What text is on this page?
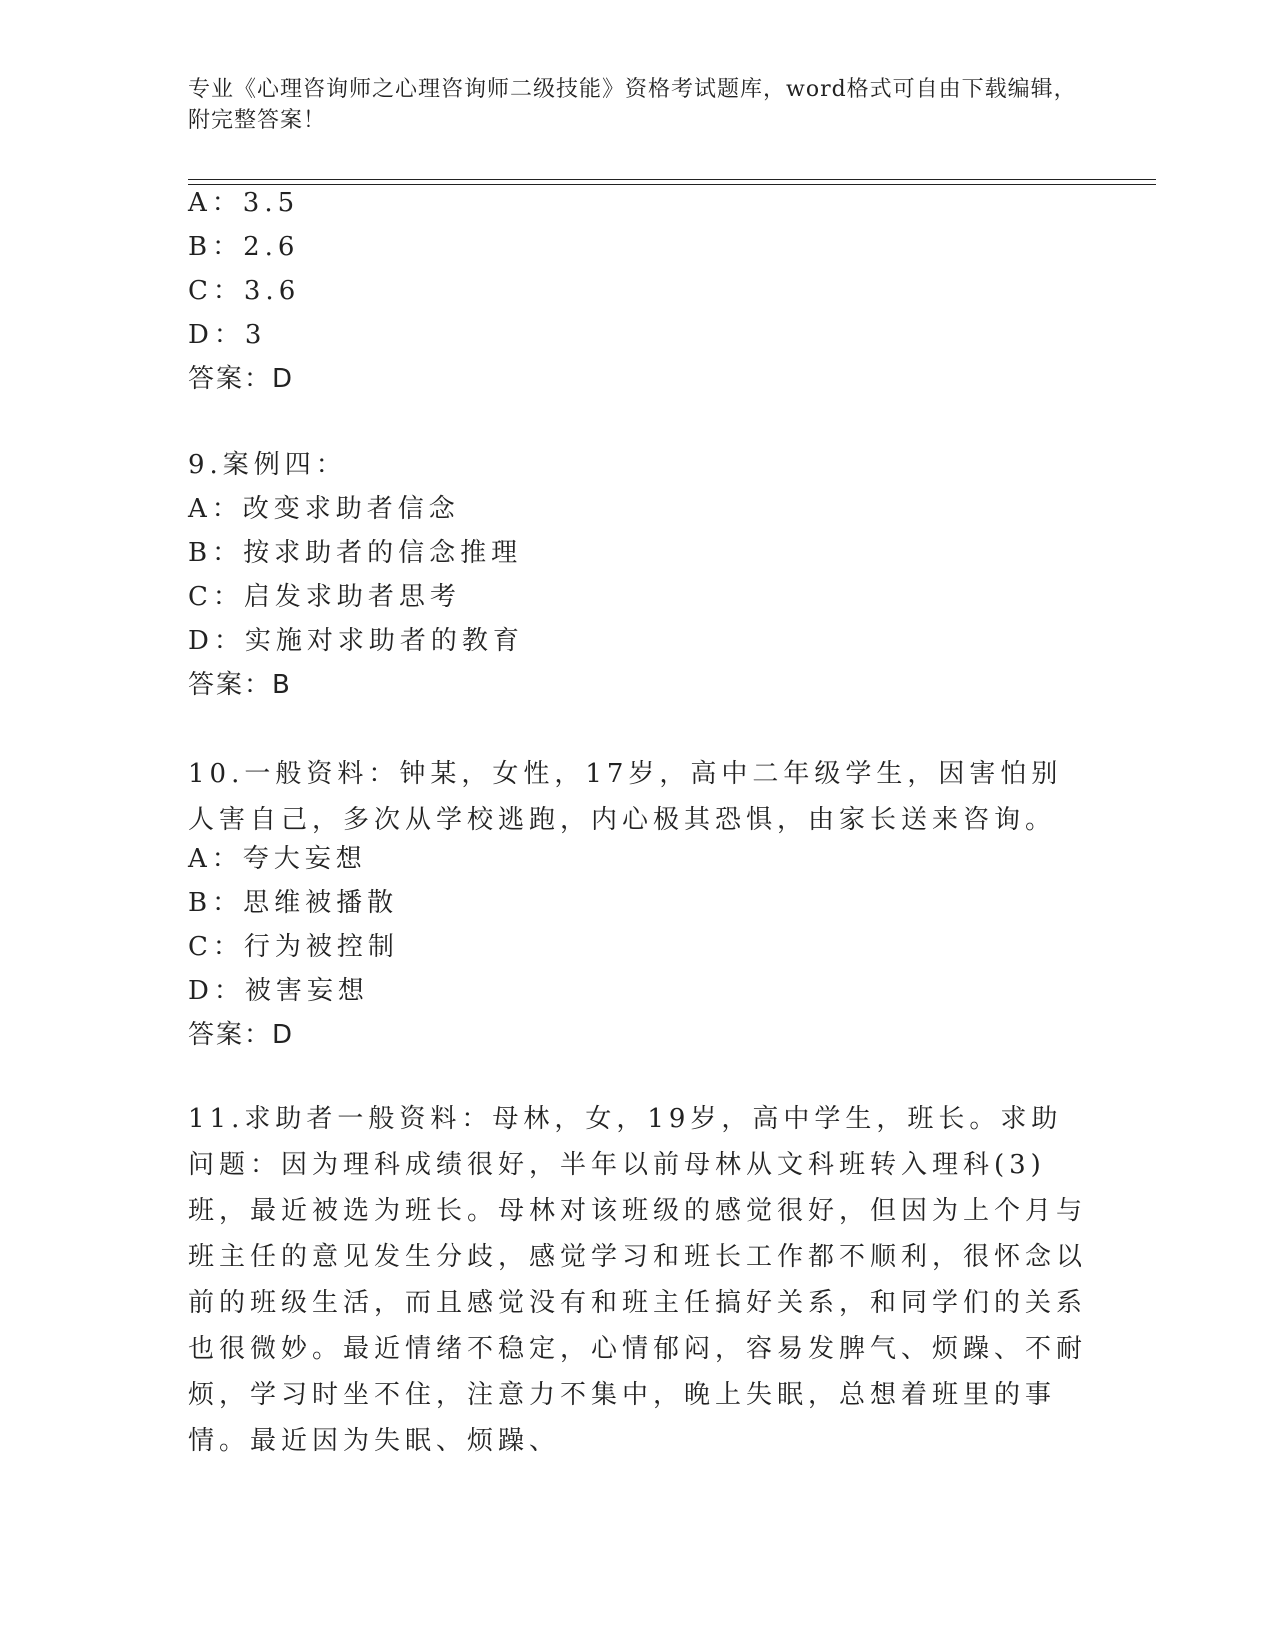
专业《心理咨询师之心理咨询师二级技能》资格考试题库，word格式可自由下载编辑，附完整答案！
A：3.5
B：2.6
C：3.6
D：3
答案：D
9.案例四：
A：改变求助者信念
B：按求助者的信念推理
C：启发求助者思考
D：实施对求助者的教育
答案：B
10.一般资料：钟某，女性，17岁，高中二年级学生，因害怕别人害自己，多次从学校逃跑，内心极其恐惧，由家长送来咨询。
A：夸大妄想
B：思维被播散
C：行为被控制
D：被害妄想
答案：D
11.求助者一般资料：母林，女，19岁，高中学生，班长。求助问题：因为理科成绩很好，半年以前母林从文科班转入理科(3)班，最近被选为班长。母林对该班级的感觉很好，但因为上个月与班主任的意见发生分歧，感觉学习和班长工作都不顺利，很怀念以前的班级生活，而且感觉没有和班主任搞好关系，和同学们的关系也很微妙。最近情绪不稳定，心情郁闷，容易发脾气、烦躁、不耐烦，学习时坐不住，注意力不集中，晚上失眠，总想着班里的事情。最近因为失眠、烦躁、
